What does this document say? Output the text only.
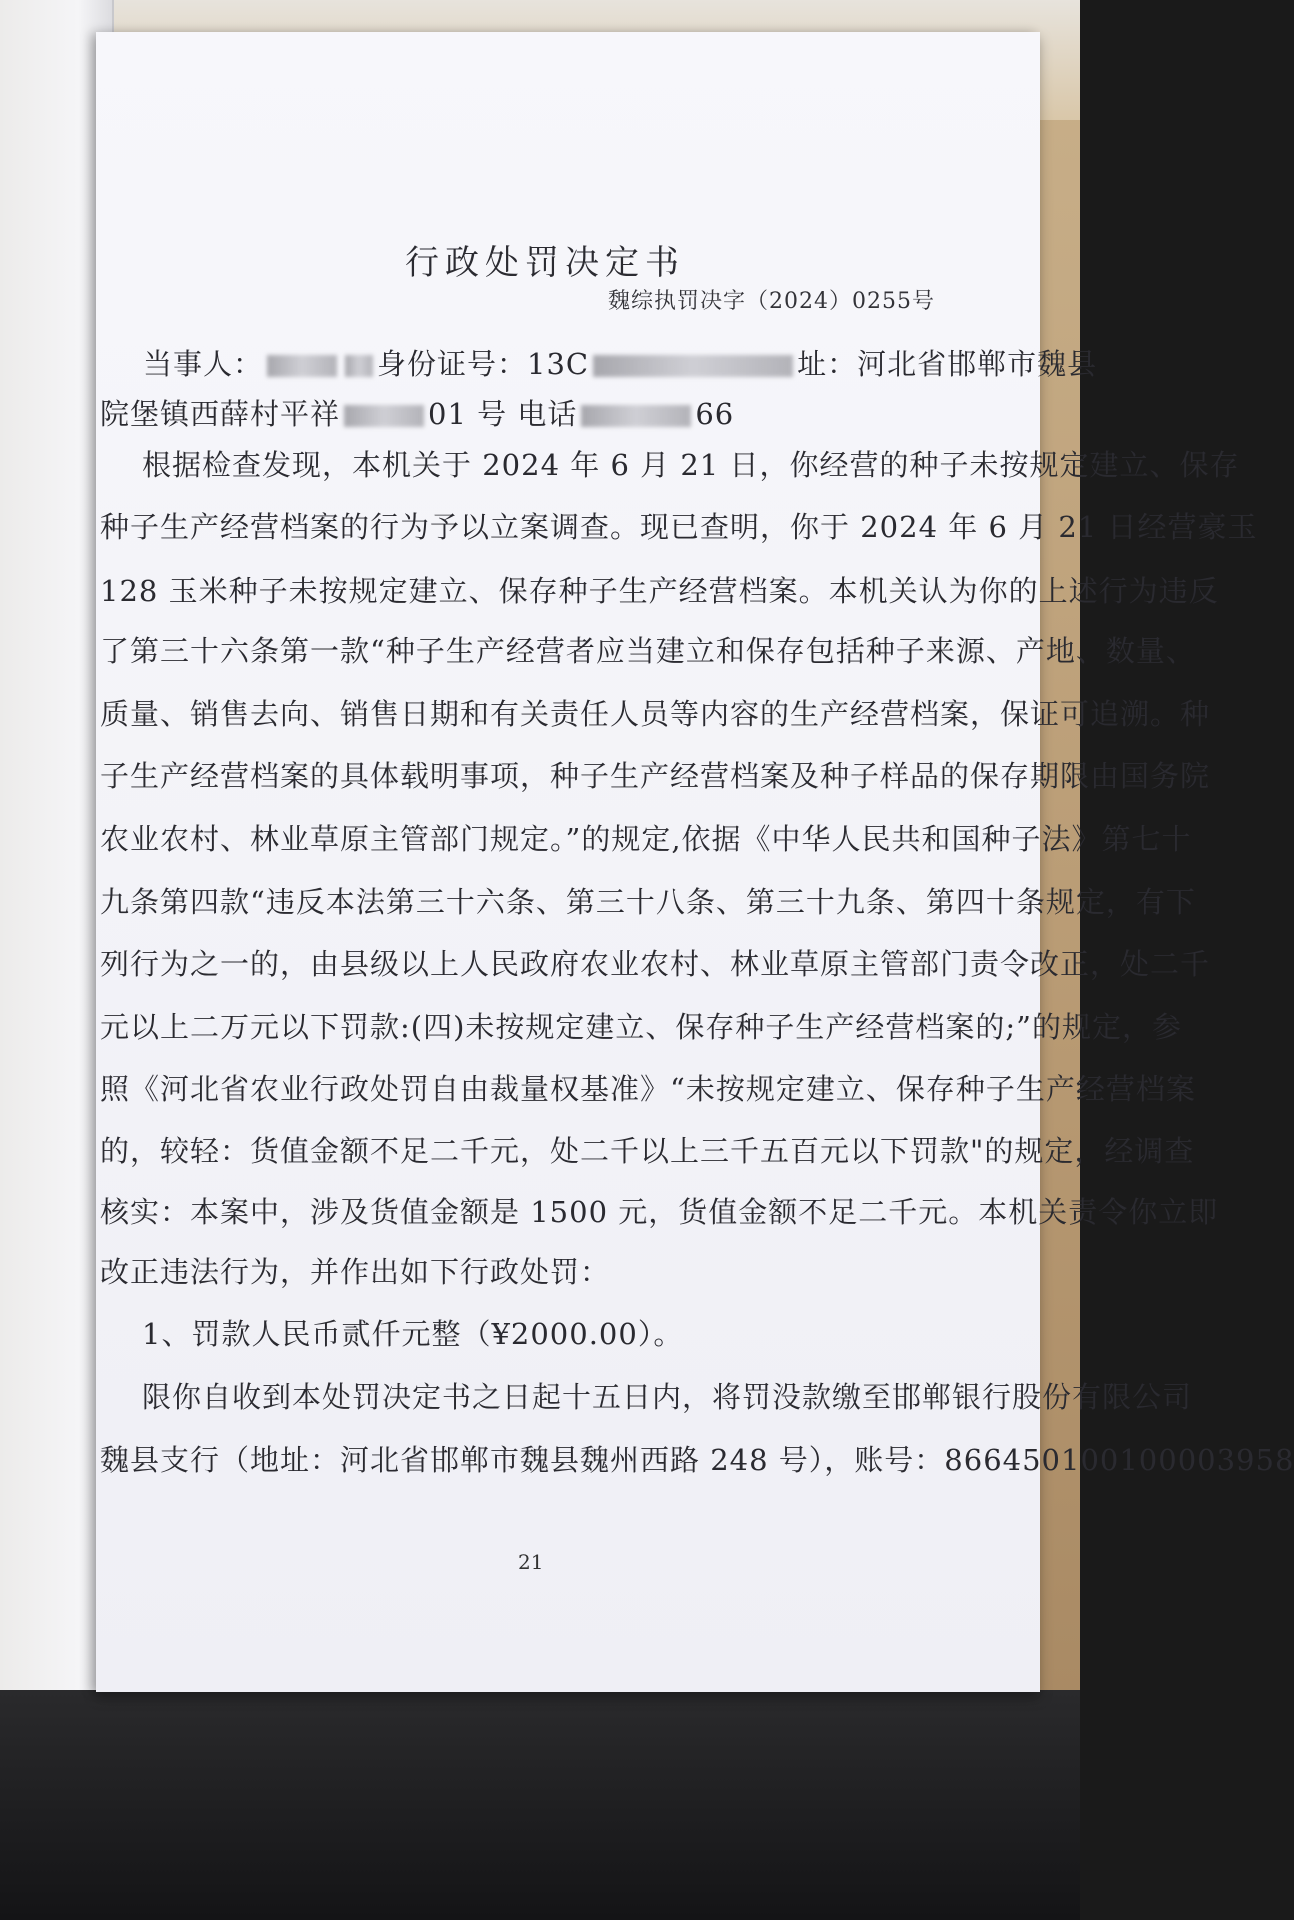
行政处罚决定书
魏综执罚决字（2024）0255号
当事人：	身份证号：13C	址：河北省邯郸市魏县
院堡镇西薛村平祥	01 号 电话	66
根据检查发现，本机关于 2024 年 6 月 21 日，你经营的种子未按规定建立、保存
种子生产经营档案的行为予以立案调查。现已查明，你于 2024 年 6 月 21 日经营豪玉
128 玉米种子未按规定建立、保存种子生产经营档案。本机关认为你的上述行为违反
了第三十六条第一款“种子生产经营者应当建立和保存包括种子来源、产地、数量、
质量、销售去向、销售日期和有关责任人员等内容的生产经营档案，保证可追溯。种
子生产经营档案的具体载明事项，种子生产经营档案及种子样品的保存期限由国务院
农业农村、林业草原主管部门规定。”的规定,依据《中华人民共和国种子法》第七十
九条第四款“违反本法第三十六条、第三十八条、第三十九条、第四十条规定，有下
列行为之一的，由县级以上人民政府农业农村、林业草原主管部门责令改正，处二千
元以上二万元以下罚款:(四)未按规定建立、保存种子生产经营档案的;”的规定，参
照《河北省农业行政处罚自由裁量权基准》“未按规定建立、保存种子生产经营档案
的，较轻：货值金额不足二千元，处二千以上三千五百元以下罚款"的规定，经调查
核实：本案中，涉及货值金额是 1500 元，货值金额不足二千元。本机关责令你立即
改正违法行为，并作出如下行政处罚：
1、罚款人民币贰仟元整（¥2000.00）。
限你自收到本处罚决定书之日起十五日内，将罚没款缴至邯郸银行股份有限公司
魏县支行（地址：河北省邯郸市魏县魏州西路 248 号），账号：866450100100003958
21
